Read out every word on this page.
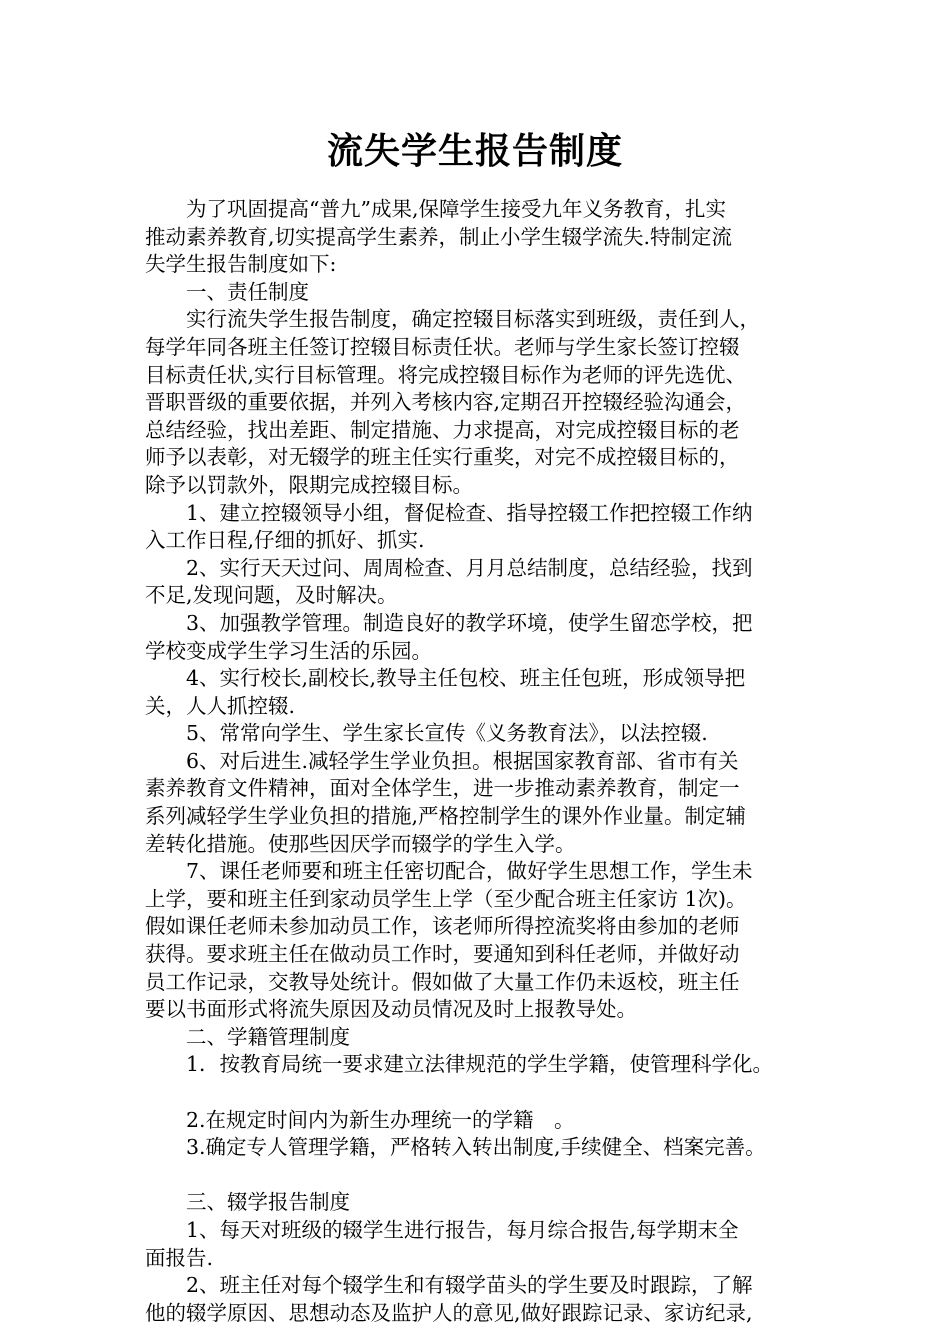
流失学生报告制度
　　为了巩固提高“普九”成果,保障学生接受九年义务教育，扎实
推动素养教育,切实提高学生素养，制止小学生辍学流失.特制定流
失学生报告制度如下:
　　一、责任制度
　　实行流失学生报告制度，确定控辍目标落实到班级，责任到人，
每学年同各班主任签订控辍目标责任状。老师与学生家长签订控辍
目标责任状,实行目标管理。将完成控辍目标作为老师的评先选优、
晋职晋级的重要依据，并列入考核内容,定期召开控辍经验沟通会，
总结经验，找出差距、制定措施、力求提高，对完成控辍目标的老
师予以表彰，对无辍学的班主任实行重奖，对完不成控辍目标的，
除予以罚款外，限期完成控辍目标。
　　1、建立控辍领导小组，督促检查、指导控辍工作把控辍工作纳
入工作日程,仔细的抓好、抓实.
　　2、实行天天过问、周周检查、月月总结制度，总结经验，找到
不足,发现问题，及时解决。
　　3、加强教学管理。制造良好的教学环境，使学生留恋学校，把
学校变成学生学习生活的乐园。
　　4、实行校长,副校长,教导主任包校、班主任包班，形成领导把
关，人人抓控辍.
　　5、常常向学生、学生家长宣传《义务教育法》，以法控辍.
　　6、对后进生.减轻学生学业负担。根据国家教育部、省市有关
素养教育文件精神，面对全体学生，进一步推动素养教育，制定一
系列减轻学生学业负担的措施,严格控制学生的课外作业量。制定辅
差转化措施。使那些因厌学而辍学的学生入学。
　　7、课任老师要和班主任密切配合，做好学生思想工作，学生未
上学，要和班主任到家动员学生上学（至少配合班主任家访 1次)。
假如课任老师未参加动员工作，该老师所得控流奖将由参加的老师
获得。要求班主任在做动员工作时，要通知到科任老师，并做好动
员工作记录，交教导处统计。假如做了大量工作仍未返校，班主任
要以书面形式将流失原因及动员情况及时上报教导处。
　　二、学籍管理制度
　　1．按教育局统一要求建立法律规范的学生学籍，使管理科学化。
　　2.在规定时间内为新生办理统一的学籍　。
　　3.确定专人管理学籍，严格转入转出制度,手续健全、档案完善。
　　三、辍学报告制度
　　1、每天对班级的辍学生进行报告，每月综合报告,每学期末全
面报告.
　　2、班主任对每个辍学生和有辍学苗头的学生要及时跟踪，了解
他的辍学原因、思想动态及监护人的意见,做好跟踪记录、家访纪录,
